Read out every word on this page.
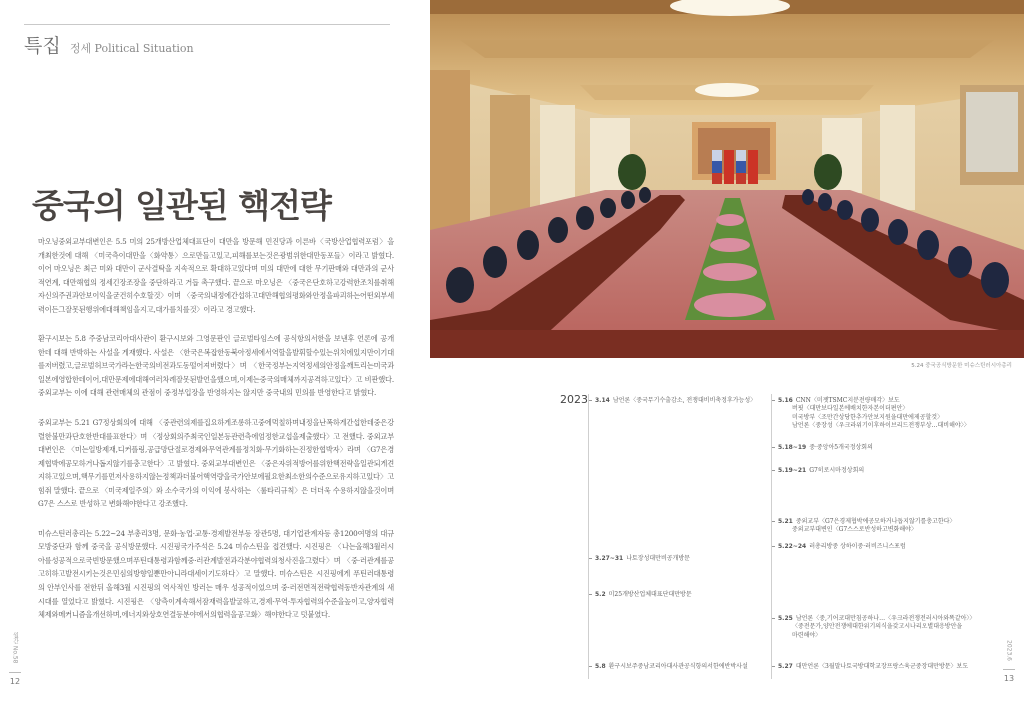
특집 정세 Political Situation
중국의 일관된 핵전략

마오닝중외교부대변인은 5.5 미의 25개방산업체대표단이 대만을 방문해 민진당과 이른바〈국방산업협력포럼〉을 개최한것에 대해 〈미국측이대만을〈화약통〉으로만들고있고,피해를보는것은광범위한대만동포들〉이라고 밝혔다. 이어 마오닝은 최근 미와 대만이 군사결탁을 지속적으로 확대하고있다며 미의 대만에 대한 무기판매와 대만과의 군사적연계, 대만해협의 정세긴장조장을 중단하라고 거듭 촉구했다. 끝으로 마오닝은 〈중국은단호하고강력한조치를취해자신의주권과안보이익을굳건히수호할것〉이며 〈중국의내정에간섭하고대만해협의평화와안정을파괴하는어떤외부세력이든그잘못된행위에대해책임을지고,대가를치를것〉이라고 경고했다.

환구시보는 5.8 주중남코리아대사관이 환구시보와 그영문판인 글로벌타임스에 공식항의서한을 보낸후 언론에 공개한데 대해 반박하는 사설을 게재했다. 사설은 〈한국은복잡한동북아정세에서역할을발휘할수있는위치에있지만이기대를저버렸고,글로벌허브국가라는한국의비전과도동떨어져버렸다〉며 〈한국정부는지역정세의안정을깨트리는미국과일본에영합한데이어,대만문제에대해여러차례잘못된발언을했으며,이제는중국의매체까지공격하고있다〉고 비판했다. 중외교부는 이에 대해 관련매체의 관점이 중정부입장을 반영하지는 않지만 중국내의 민의를 반영한다고 밝혔다.

중외교부는 5.21 G7정상회의에 대해 〈중관련의제를집요하게조롱하고중에먹칠하며내정을난폭하게간섭한데중은강렬한불만과단호한반대를표한다〉며 〈정상회의주최국인일본등관련측에엄정한교섭을제출했다〉고 전했다. 중외교부대변인은 〈미는일방제재,디커플링,공급망단절로경제와무역관계를정치화·무기화하는진정한협박자〉라며 〈G7은경제협박에공모하거나돕지않기를충고한다〉고 밝혔다. 중외교부대변인은 〈중은자위적방어를위한핵전략을일관되게견지하고있으며,핵무기를먼저사용하지않는정책과더불어핵역량을국가안보에필요한최소한의수준으로유지하고있다〉고 힘줘 말했다. 끝으로 〈미국제일주의〉와 소수국가의 이익에 봉사하는 〈룰타리규칙〉은 더더욱 수용하지않을것이며 G7은 스스로 반성하고 변화해야한다고 강조했다.

미슈스틴러총리는 5.22~24 부총리3명, 문화·농업·교통·경제발전부등 장관5명, 대기업관계자등 총1200여명의 대규모방중단과 함께 중국을 공식방문했다. 시진핑국가주석은 5.24 미슈스틴을 접견했다. 시진핑은 〈나는올해3월러시아를성공적으로국빈방문했으며푸틴대통령과함께중·러관계발전과각분야협력의청사진을그렸다〉며 〈중·러관계를공고히하고발전시키는것은민심의방향일뿐만아니라대세이기도하다〉고 말했다. 미슈스틴은 시진핑에게 푸틴러대통령의 안부인사를 전한뒤 올해3월 시진핑의 역사적인 방러는 매우 성공적이었으며 중·러전면적전략협력동반자관계의 새시대를 열었다고 밝혔다. 시진핑은 〈양측이계속해서잠재력을발굴하고,경제·무역·투자협력의수준을높이고,양자협력체제와메커니즘을개선하며,에너지와상호연결등분야에서의협력을공고화〉해야한다고 덧붙였다.

월간 No.58
12
5.24 중국공식방문한 미슈스틴러시아총리
2023 3.14 남언론〈중국무기수출감소, 전쟁대비비축정후가능성〉
3.27~31 나토장성대만비공개방문
5.2 미25개방산업체대표단대만방문
5.8 환구시보주중남코리아대사관공식항의서한에반박사설
5.16 CNN〈미젯TSMC지분전량매각〉보도
버핏〈대만보다일본에배치한자본이더편안〉
미국방부〈조만간상당한추가안보지원을대만에제공할것〉
남언론〈중장성〈우크라위기이후하이브리드전쟁부상…대비해야〉〉
5.18~19 중·중앙아5개국정상회의
5.19~21 G7히로시마정상회의
5.21 중외교부〈G7은경제협박에공모하거나돕지않기를충고한다〉
중외교부대변인〈G7스스로반성하고변화해야〉
5.22~24 러총리방중 상하이중·러비즈니스포럼
5.25 남언론〈중,기어코대만침공하나…〈우크라전쟁전러시아와똑같아〉〉
〈중전문가,양안전쟁에대한위기의식을갖고시나리오별대응방안을
마련해야〉
5.27 대만언론〈3월말나토국방대학교장프랑스육군중장대만방문〉보도
2023.6
13
